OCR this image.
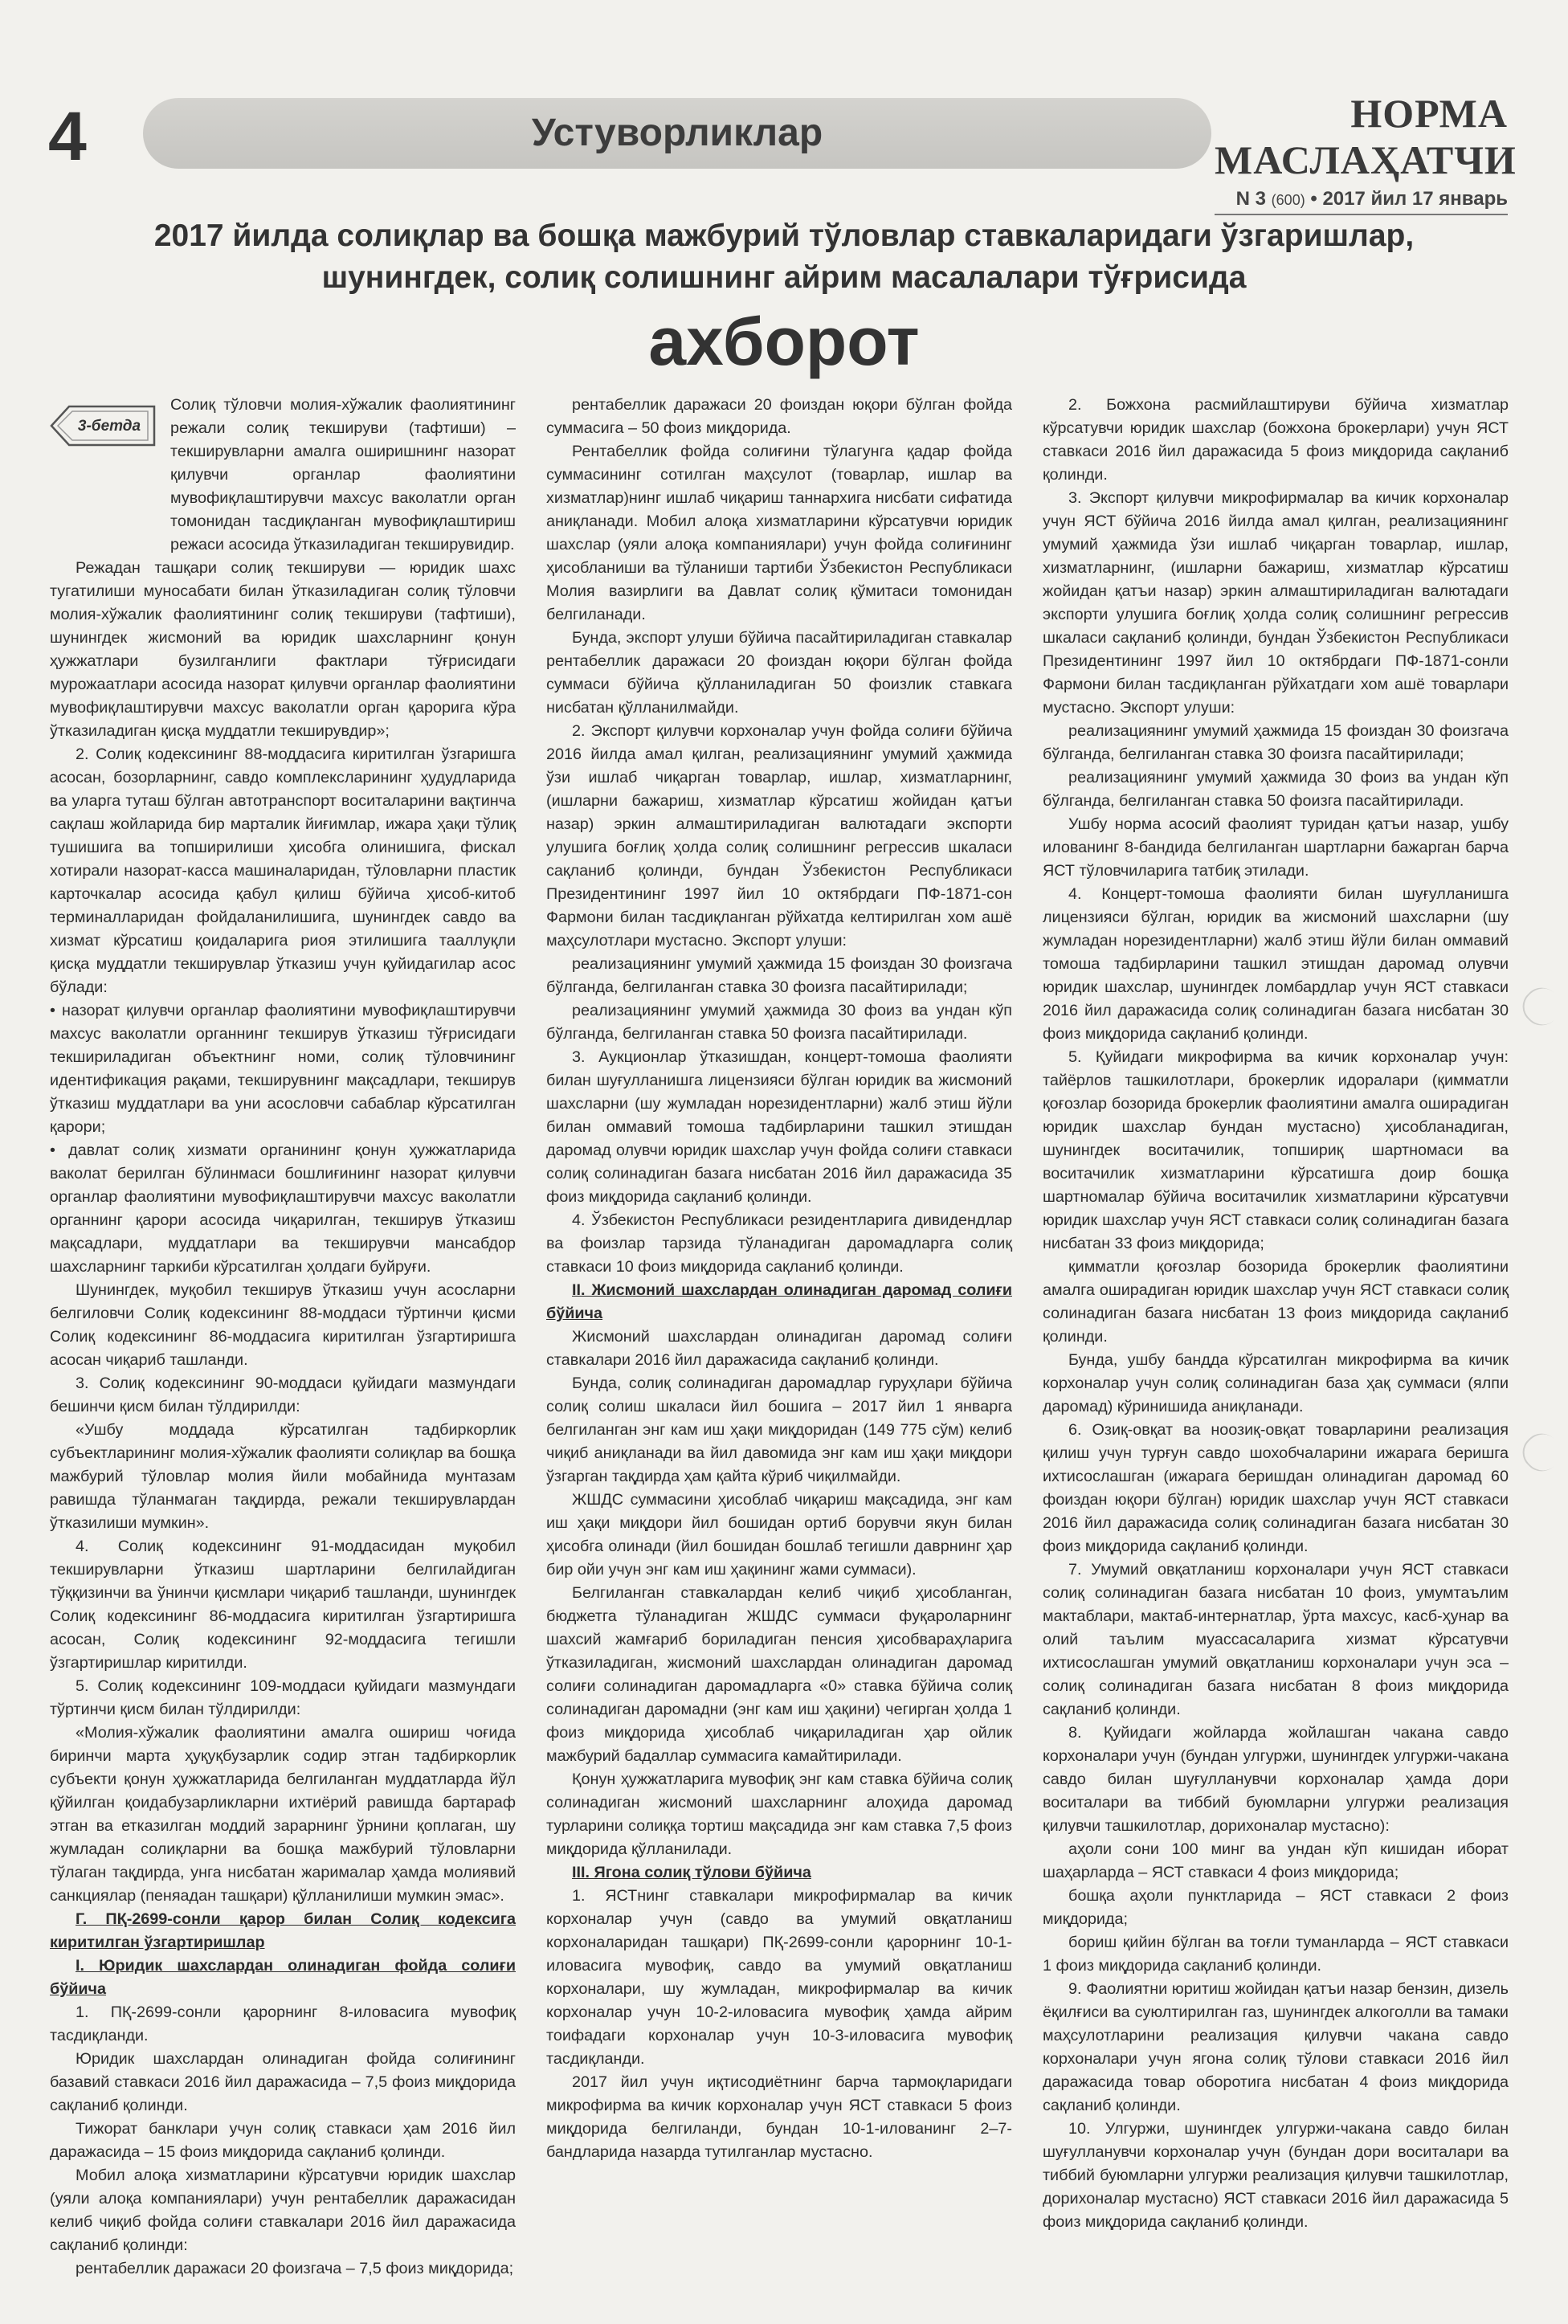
4	Устуворликлар	НОРМА МАСЛАҲАТЧИ
N 3 (600) • 2017 йил 17 январь
2017 йилда солиқлар ва бошқа мажбурий тўловлар ставкаларидаги ўзгаришлар,
шунингдек, солиқ солишнинг айрим масалалари тўғрисида
ахборот
3-бетда

Солиқ тўловчи молия-хўжалик фаолиятининг режали солиқ текшируви (тафтиши) – текширувларни амалга оширишнинг назорат қилувчи органлар фаолиятини мувофиқлаштирувчи махсус ваколатли орган томонидан тасдиқланган мувофиқлаштириш режаси асосида ўтказиладиган текширувидир.

Режадан ташқари солиқ текшируви — юридик шахс тугатилиши муносабати билан ўтказиладиган солиқ тўловчи молия-хўжалик фаолиятининг солиқ текшируви (тафтиши), шунингдек жисмоний ва юридик шахсларнинг қонун ҳужжатлари бузилганлиги фактлари тўғрисидаги мурожаатлари асосида назорат қилувчи органлар фаолиятини мувофиқлаштирувчи махсус ваколатли орган қарорига кўра ўтказиладиган қисқа муддатли текширувдир»;

2. Солиқ кодексининг 88-моддасига киритилган ўзгаришга асосан, бозорларнинг, савдо комплексларининг ҳудудларида ва уларга туташ бўлган автотранспорт воситаларини вақтинча сақлаш жойларида бир марталик йиғимлар, ижара ҳақи тўлиқ тушишига ва топширилиши ҳисобга олинишига, фискал хотирали назорат-касса машиналаридан, тўловларни пластик карточкалар асосида қабул қилиш бўйича ҳисоб-китоб терминалларидан фойдаланилишига, шунингдек савдо ва хизмат кўрсатиш қоидаларига риоя этилишига тааллуқли қисқа муддатли текширувлар ўтказиш учун қуйидагилар асос бўлади:

• назорат қилувчи органлар фаолиятини мувофиқлаштирувчи махсус ваколатли органнинг текширув ўтказиш тўғрисидаги текшириладиган объектнинг номи, солиқ тўловчининг идентификация рақами, текширувнинг мақсадлари, текширув ўтказиш муддатлари ва уни асословчи сабаблар кўрсатилган қарори;

• давлат солиқ хизмати органининг қонун ҳужжатларида ваколат берилган бўлинмаси бошлиғининг назорат қилувчи органлар фаолиятини мувофиқлаштирувчи махсус ваколатли органнинг қарори асосида чиқарилган, текширув ўтказиш мақсадлари, муддатлари ва текширувчи мансабдор шахсларнинг таркиби кўрсатилган ҳолдаги буйруғи.

Шунингдек, муқобил текширув ўтказиш учун асосларни белгиловчи Солиқ кодексининг 88-моддаси тўртинчи қисми Солиқ кодексининг 86-моддасига киритилган ўзгартиришга асосан чиқариб ташланди.

3. Солиқ кодексининг 90-моддаси қуйидаги мазмундаги бешинчи қисм билан тўлдирилди:

«Ушбу моддада кўрсатилган тадбиркорлик субъектларининг молия-хўжалик фаолияти солиқлар ва бошқа мажбурий тўловлар молия йили мобайнида мунтазам равишда тўланмаган тақдирда, режали текширувлардан ўтказилиши мумкин».

4. Солиқ кодексининг 91-моддасидан муқобил текширувларни ўтказиш шартларини белгилайдиган тўққизинчи ва ўнинчи қисмлари чиқариб ташланди, шунингдек Солиқ кодексининг 86-моддасига киритилган ўзгартиришга асосан, Солиқ кодексининг 92-моддасига тегишли ўзгартиришлар киритилди.

5. Солиқ кодексининг 109-моддаси қуйидаги мазмундаги тўртинчи қисм билан тўлдирилди:

«Молия-хўжалик фаолиятини амалга ошириш чоғида биринчи марта ҳуқуқбузарлик содир этган тадбиркорлик субъекти қонун ҳужжатларида белгиланган муддатларда йўл қўйилган қоидабузарликларни ихтиёрий равишда бартараф этган ва етказилган моддий зарарнинг ўрнини қоплаган, шу жумладан солиқларни ва бошқа мажбурий тўловларни тўлаган тақдирда, унга нисбатан жарималар ҳамда молиявий санкциялар (пеняадан ташқари) қўлланилиши мумкин эмас».

Г. ПҚ-2699-сонли қарор билан Солиқ кодексига киритилган ўзгартиришлар

I. Юридик шахслардан олинадиган фойда солиғи бўйича

1. ПҚ-2699-сонли қарорнинг 8-иловасига мувофиқ тасдиқланди.

Юридик шахслардан олинадиган фойда солиғининг базавий ставкаси 2016 йил даражасида – 7,5 фоиз миқдорида сақланиб қолинди.

Тижорат банклари учун солиқ ставкаси ҳам 2016 йил даражасида – 15 фоиз миқдорида сақланиб қолинди.

Мобил алоқа хизматларини кўрсатувчи юридик шахслар (уяли алоқа компаниялари) учун рентабеллик даражасидан келиб чиқиб фойда солиғи ставкалари 2016 йил даражасида сақланиб қолинди:

рентабеллик даражаси 20 фоизгача – 7,5 фоиз миқдорида;

рентабеллик даражаси 20 фоиздан юқори бўлган фойда суммасига – 50 фоиз миқдорида.

Рентабеллик фойда солиғини тўлагунга қадар фойда суммасининг сотилган маҳсулот (товарлар, ишлар ва хизматлар)нинг ишлаб чиқариш таннархига нисбати сифатида аниқланади. Мобил алоқа хизматларини кўрсатувчи юридик шахслар (уяли алоқа компаниялари) учун фойда солиғининг ҳисобланиши ва тўланиши тартиби Ўзбекистон Республикаси Молия вазирлиги ва Давлат солиқ қўмитаси томонидан белгиланади.

Бунда, экспорт улуши бўйича пасайтириладиган ставкалар рентабеллик даражаси 20 фоиздан юқори бўлган фойда суммаси бўйича қўлланиладиган 50 фоизлик ставкага нисбатан қўлланилмайди.

2. Экспорт қилувчи корхоналар учун фойда солиғи бўйича 2016 йилда амал қилган, реализациянинг умумий ҳажмида ўзи ишлаб чиқарган товарлар, ишлар, хизматларнинг, (ишларни бажариш, хизматлар кўрсатиш жойидан қатъи назар) эркин алмаштириладиган валютадаги экспорти улушига боғлиқ ҳолда солиқ солишнинг регрессив шкаласи сақланиб қолинди, бундан Ўзбекистон Республикаси Президентининг 1997 йил 10 октябрдаги ПФ-1871-сон Фармони билан тасдиқланган рўйхатда келтирилган хом ашё маҳсулотлари мустасно. Экспорт улуши:

реализациянинг умумий ҳажмида 15 фоиздан 30 фоизгача бўлганда, белгиланган ставка 30 фоизга пасайтирилади;

реализациянинг умумий ҳажмида 30 фоиз ва ундан кўп бўлганда, белгиланган ставка 50 фоизга пасайтирилади.

3. Аукционлар ўтказишдан, концерт-томоша фаолияти билан шуғулланишга лицензияси бўлган юридик ва жисмоний шахсларни (шу жумладан норезидентларни) жалб этиш йўли билан оммавий томоша тадбирларини ташкил этишдан даромад олувчи юридик шахслар учун фойда солиғи ставкаси солиқ солинадиган базага нисбатан 2016 йил даражасида 35 фоиз миқдорида сақланиб қолинди.

4. Ўзбекистон Республикаси резидентларига дивидендлар ва фоизлар тарзида тўланадиган даромадларга солиқ ставкаси 10 фоиз миқдорида сақланиб қолинди.

II. Жисмоний шахслардан олинадиган даромад солиғи бўйича

Жисмоний шахслардан олинадиган даромад солиғи ставкалари 2016 йил даражасида сақланиб қолинди.

Бунда, солиқ солинадиган даромадлар гуруҳлари бўйича солиқ солиш шкаласи йил бошига – 2017 йил 1 январга белгиланган энг кам иш ҳақи миқдоридан (149 775 сўм) келиб чиқиб аниқланади ва йил давомида энг кам иш ҳақи миқдори ўзгарган тақдирда ҳам қайта кўриб чиқилмайди.

ЖШДС суммасини ҳисоблаб чиқариш мақсадида, энг кам иш ҳақи миқдори йил бошидан ортиб борувчи якун билан ҳисобга олинади (йил бошидан бошлаб тегишли даврнинг ҳар бир ойи учун энг кам иш ҳақининг жами суммаси).

Белгиланган ставкалардан келиб чиқиб ҳисобланган, бюджетга тўланадиган ЖШДС суммаси фуқароларнинг шахсий жамғариб бориладиган пенсия ҳисобвараҳларига ўтказиладиган, жисмоний шахслардан олинадиган даромад солиғи солинадиган даромадларга «0» ставка бўйича солиқ солинадиган даромадни (энг кам иш ҳақини) чегирган ҳолда 1 фоиз миқдорида ҳисоблаб чиқариладиган ҳар ойлик мажбурий бадаллар суммасига камайтирилади.

Қонун ҳужжатларига мувофиқ энг кам ставка бўйича солиқ солинадиган жисмоний шахсларнинг алоҳида даромад турларини солиққа тортиш мақсадида энг кам ставка 7,5 фоиз миқдорида қўлланилади.

III. Ягона солиқ тўлови бўйича

1. ЯСТнинг ставкалари микрофирмалар ва кичик корхоналар учун (савдо ва умумий овқатланиш корхоналаридан ташқари) ПҚ-2699-сонли қарорнинг 10-1-иловасига мувофиқ, савдо ва умумий овқатланиш корхоналари, шу жумладан, микрофирмалар ва кичик корхоналар учун 10-2-иловасига мувофиқ ҳамда айрим тоифадаги корхоналар учун 10-3-иловасига мувофиқ тасдиқланди.

2017 йил учун иқтисодиётнинг барча тармоқларидаги микрофирма ва кичик корхоналар учун ЯСТ ставкаси 5 фоиз миқдорида белгиланди, бундан 10-1-илованинг 2–7-бандларида назарда тутилганлар мустасно.

2. Божхона расмийлаштируви бўйича хизматлар кўрсатувчи юридик шахслар (божхона брокерлари) учун ЯСТ ставкаси 2016 йил даражасида 5 фоиз миқдорида сақланиб қолинди.

3. Экспорт қилувчи микрофирмалар ва кичик корхоналар учун ЯСТ бўйича 2016 йилда амал қилган, реализациянинг умумий ҳажмида ўзи ишлаб чиқарган товарлар, ишлар, хизматларнинг, (ишларни бажариш, хизматлар кўрсатиш жойидан қатъи назар) эркин алмаштириладиган валютадаги экспорти улушига боғлиқ ҳолда солиқ солишнинг регрессив шкаласи сақланиб қолинди, бундан Ўзбекистон Республикаси Президентининг 1997 йил 10 октябрдаги ПФ-1871-сонли Фармони билан тасдиқланган рўйхатдаги хом ашё товарлари мустасно. Экспорт улуши:

реализациянинг умумий ҳажмида 15 фоиздан 30 фоизгача бўлганда, белгиланган ставка 30 фоизга пасайтирилади;

реализациянинг умумий ҳажмида 30 фоиз ва ундан кўп бўлганда, белгиланган ставка 50 фоизга пасайтирилади.

Ушбу норма асосий фаолият туридан қатъи назар, ушбу илованинг 8-бандида белгиланган шартларни бажарган барча ЯСТ тўловчиларига татбиқ этилади.

4. Концерт-томоша фаолияти билан шуғулланишга лицензияси бўлган, юридик ва жисмоний шахсларни (шу жумладан норезидентларни) жалб этиш йўли билан оммавий томоша тадбирларини ташкил этишдан даромад олувчи юридик шахслар, шунингдек ломбардлар учун ЯСТ ставкаси 2016 йил даражасида солиқ солинадиган базага нисбатан 30 фоиз миқдорида сақланиб қолинди.

5. Қуйидаги микрофирма ва кичик корхоналар учун: тайёрлов ташкилотлари, брокерлик идоралари (қимматли қоғозлар бозорида брокерлик фаолиятини амалга оширадиган юридик шахслар бундан мустасно) ҳисобланадиган, шунингдек воситачилик, топшириқ шартномаси ва воситачилик хизматларини кўрсатишга доир бошқа шартномалар бўйича воситачилик хизматларини кўрсатувчи юридик шахслар учун ЯСТ ставкаси солиқ солинадиган базага нисбатан 33 фоиз миқдорида;

қимматли қоғозлар бозорида брокерлик фаолиятини амалга оширадиган юридик шахслар учун ЯСТ ставкаси солиқ солинадиган базага нисбатан 13 фоиз миқдорида сақланиб қолинди.

Бунда, ушбу бандда кўрсатилган микрофирма ва кичик корхоналар учун солиқ солинадиган база ҳақ суммаси (ялпи даромад) кўринишида аниқланади.

6. Озиқ-овқат ва ноозиқ-овқат товарларини реализация қилиш учун турғун савдо шохобчаларини ижарага беришга ихтисослашган (ижарага беришдан олинадиган даромад 60 фоиздан юқори бўлган) юридик шахслар учун ЯСТ ставкаси 2016 йил даражасида солиқ солинадиган базага нисбатан 30 фоиз миқдорида сақланиб қолинди.

7. Умумий овқатланиш корхоналари учун ЯСТ ставкаси солиқ солинадиган базага нисбатан 10 фоиз, умумтаълим мактаблари, мактаб-интернатлар, ўрта махсус, касб-ҳунар ва олий таълим муассасаларига хизмат кўрсатувчи ихтисослашган умумий овқатланиш корхоналари учун эса – солиқ солинадиган базага нисбатан 8 фоиз миқдорида сақланиб қолинди.

8. Қуйидаги жойларда жойлашган чакана савдо корхоналари учун (бундан улгуржи, шунингдек улгуржи-чакана савдо билан шуғулланувчи корхоналар ҳамда дори воситалари ва тиббий буюмларни улгуржи реализация қилувчи ташкилотлар, дорихоналар мустасно):

аҳоли сони 100 минг ва ундан кўп кишидан иборат шаҳарларда – ЯСТ ставкаси 4 фоиз миқдорида;

бошқа аҳоли пунктларида – ЯСТ ставкаси 2 фоиз миқдорида;

бориш қийин бўлган ва тоғли туманларда – ЯСТ ставкаси 1 фоиз миқдорида сақланиб қолинди.

9. Фаолиятни юритиш жойидан қатъи назар бензин, дизель ёқилғиси ва суюлтирилган газ, шунингдек алкоголли ва тамаки маҳсулотларини реализация қилувчи чакана савдо корхоналари учун ягона солиқ тўлови ставкаси 2016 йил даражасида товар оборотига нисбатан 4 фоиз миқдорида сақланиб қолинди.

10. Улгуржи, шунингдек улгуржи-чакана савдо билан шуғулланувчи корхоналар учун (бундан дори воситалари ва тиббий буюмларни улгуржи реализация қилувчи ташкилотлар, дорихоналар мустасно) ЯСТ ставкаси 2016 йил даражасида 5 фоиз миқдорида сақланиб қолинди.
